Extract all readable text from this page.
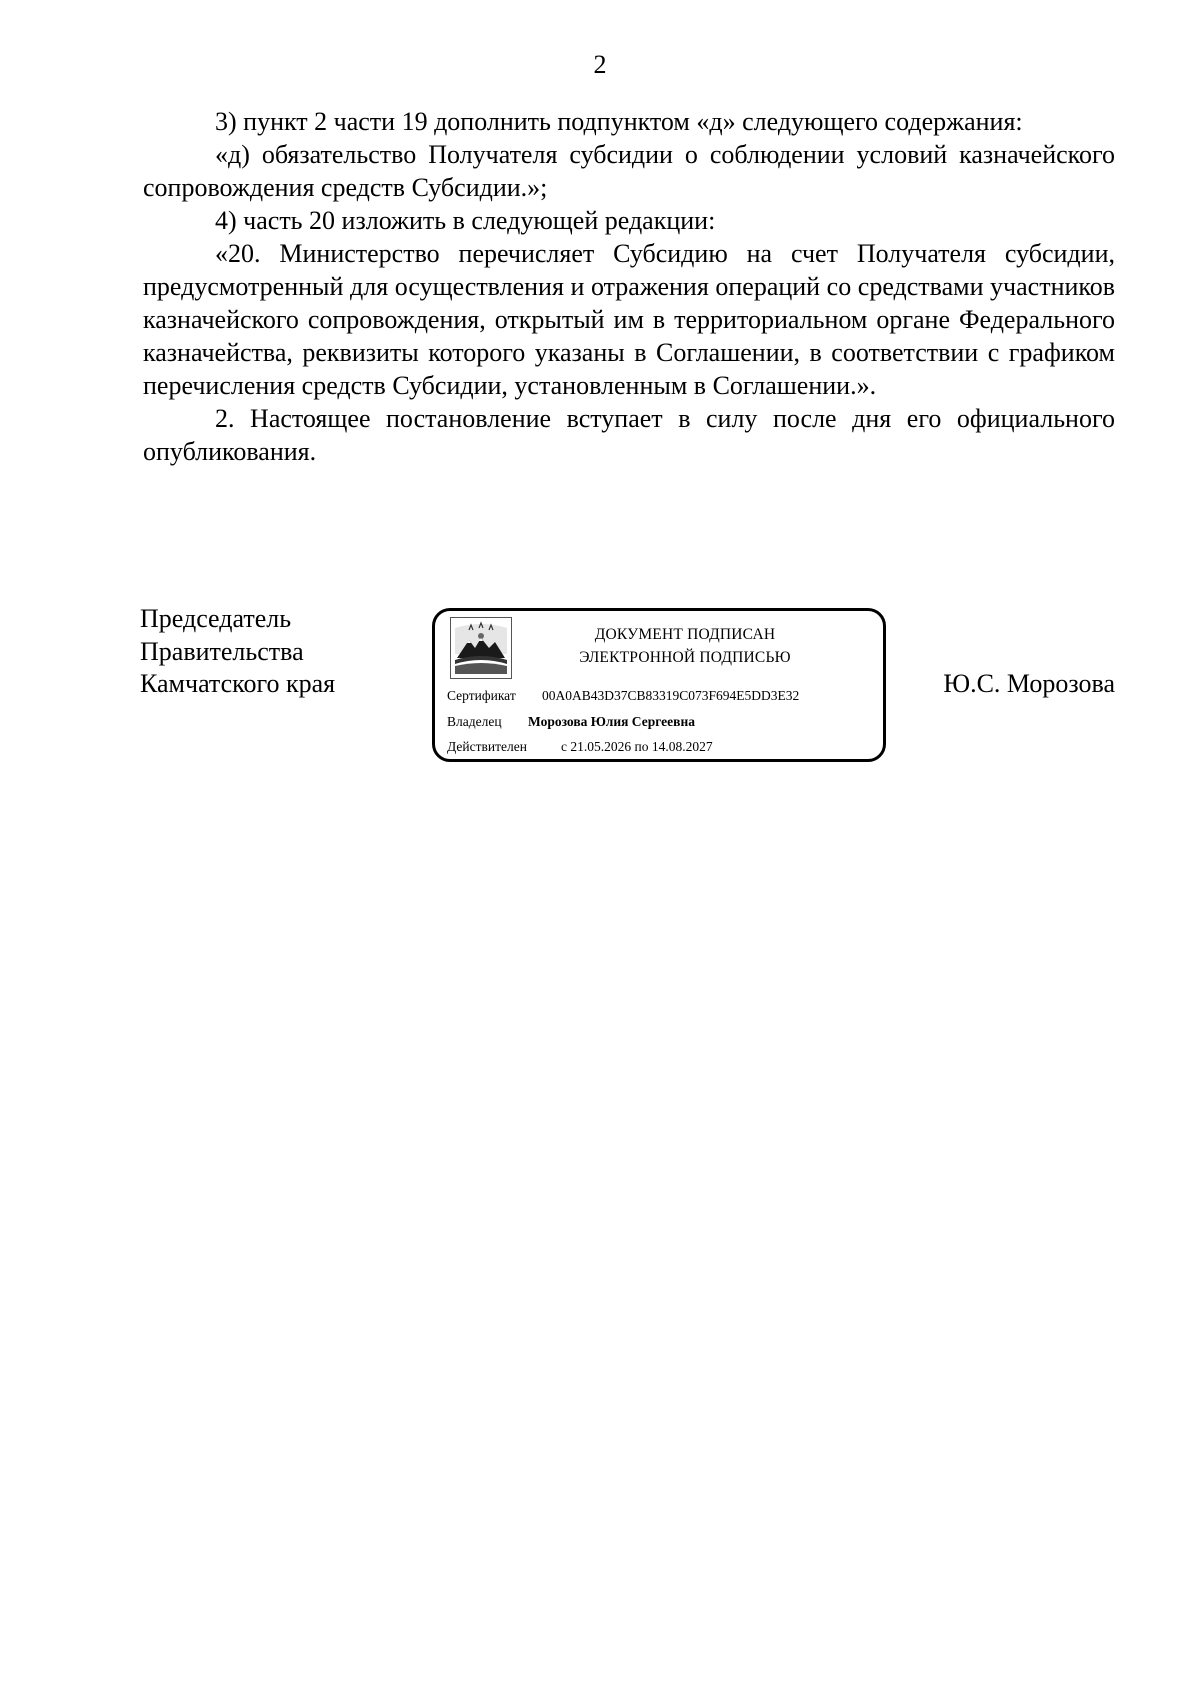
2

3) пункт 2 части 19 дополнить подпунктом «д» следующего содержания:

«д) обязательство Получателя субсидии о соблюдении условий казначейского сопровождения средств Субсидии.»;

4) часть 20 изложить в следующей редакции:

«20. Министерство перечисляет Субсидию на счет Получателя субсидии, предусмотренный для осуществления и отражения операций со средствами участников казначейского сопровождения, открытый им в территориальном органе Федерального казначейства, реквизиты которого указаны в Соглашении, в соответствии с графиком перечисления средств Субсидии, установленным в Соглашении.».

2. Настоящее постановление вступает в силу после дня его официального опубликования.

Председатель
Правительства
Камчатского края
ДОКУМЕНТ ПОДПИСАН
ЭЛЕКТРОННОЙ ПОДПИСЬЮ
Сертификат 00A0AB43D37CB83319C073F694E5DD3E32
Владелец Морозова Юлия Сергеевна
Действителен	с 21.05.2026 по 14.08.2027
Ю.С. Морозова
